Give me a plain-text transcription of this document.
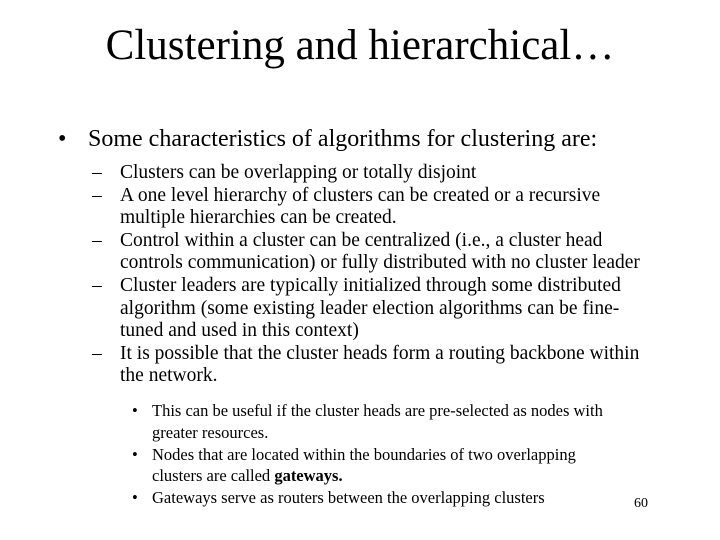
Clustering and hierarchical…
• Some characteristics of algorithms for clustering are:
– Clusters can be overlapping or totally disjoint
– A one level hierarchy of clusters can be created or a recursive
multiple hierarchies can be created.
– Control within a cluster can be centralized (i.e., a cluster head
controls communication) or fully distributed with no cluster leader
– Cluster leaders are typically initialized through some distributed
algorithm (some existing leader election algorithms can be fine-
tuned and used in this context)
– It is possible that the cluster heads form a routing backbone within
the network.
• This can be useful if the cluster heads are pre-selected as nodes with
greater resources.
• Nodes that are located within the boundaries of two overlapping
clusters are called gateways.
• Gateways serve as routers between the overlapping clusters	60
